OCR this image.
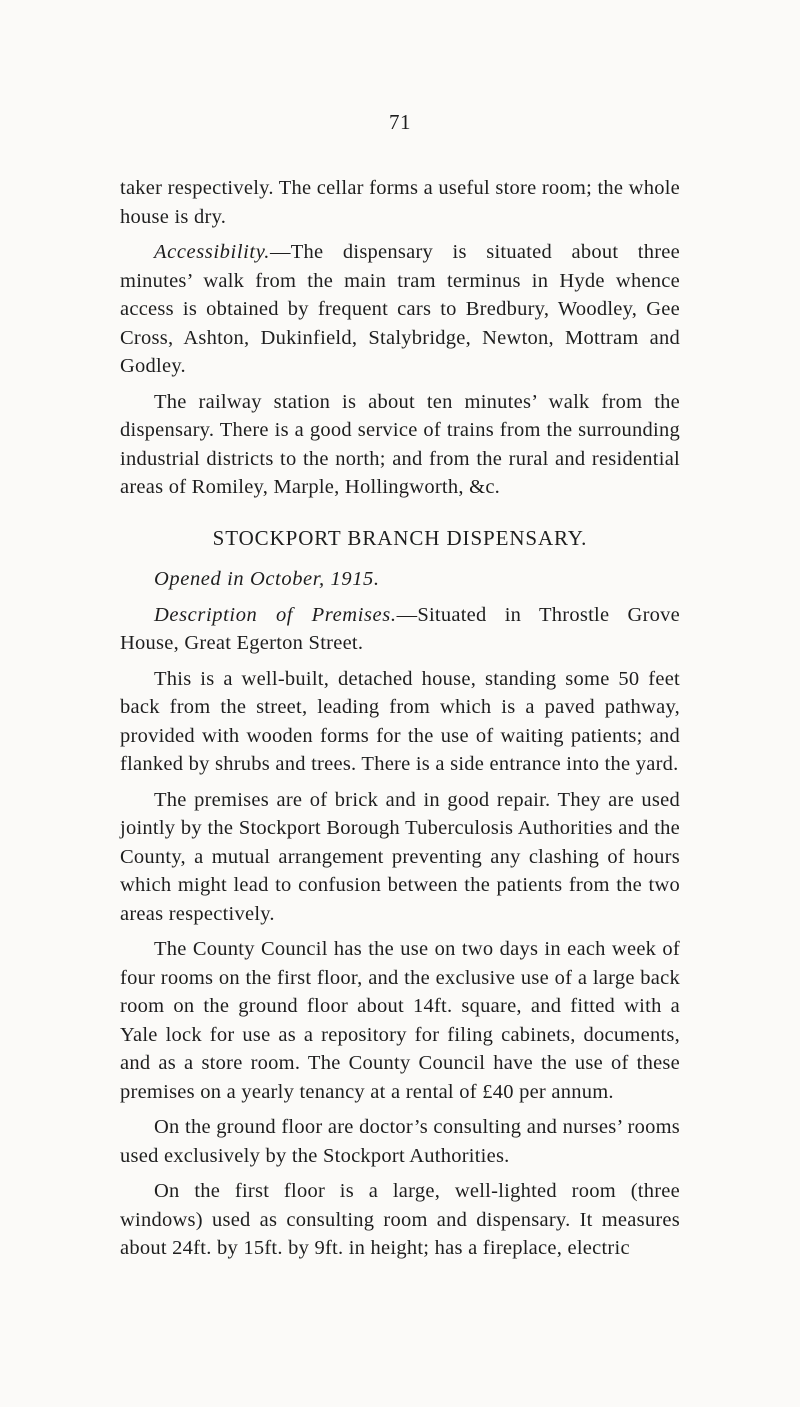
71

taker respectively. The cellar forms a useful store room; the whole house is dry.

Accessibility.—The dispensary is situated about three minutes’ walk from the main tram terminus in Hyde whence access is obtained by frequent cars to Bredbury, Woodley, Gee Cross, Ashton, Dukinfield, Stalybridge, Newton, Mottram and Godley.

The railway station is about ten minutes’ walk from the dispensary. There is a good service of trains from the surrounding industrial districts to the north; and from the rural and residential areas of Romiley, Marple, Hollingworth, &c.

STOCKPORT BRANCH DISPENSARY.

Opened in October, 1915.

Description of Premises.—Situated in Throstle Grove House, Great Egerton Street.

This is a well-built, detached house, standing some 50 feet back from the street, leading from which is a paved pathway, provided with wooden forms for the use of waiting patients; and flanked by shrubs and trees. There is a side entrance into the yard.

The premises are of brick and in good repair. They are used jointly by the Stockport Borough Tuberculosis Authorities and the County, a mutual arrangement preventing any clashing of hours which might lead to confusion between the patients from the two areas respectively.

The County Council has the use on two days in each week of four rooms on the first floor, and the exclusive use of a large back room on the ground floor about 14ft. square, and fitted with a Yale lock for use as a repository for filing cabinets, documents, and as a store room. The County Council have the use of these premises on a yearly tenancy at a rental of £40 per annum.

On the ground floor are doctor’s consulting and nurses’ rooms used exclusively by the Stockport Authorities.

On the first floor is a large, well-lighted room (three windows) used as consulting room and dispensary. It measures about 24ft. by 15ft. by 9ft. in height; has a fireplace, electric
